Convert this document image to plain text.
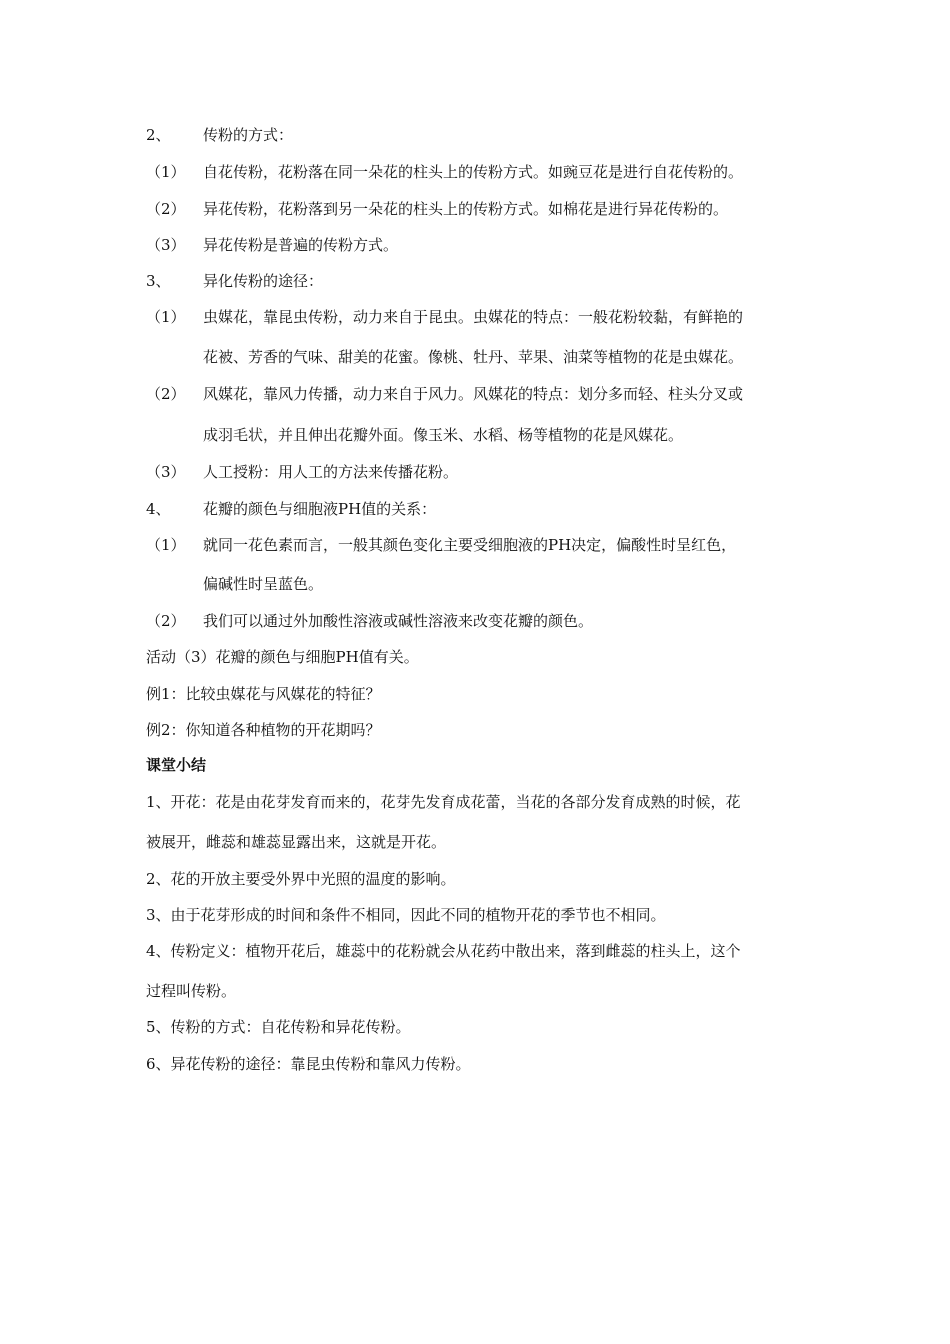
2、 传粉的方式：
（1） 自花传粉，花粉落在同一朵花的柱头上的传粉方式。如豌豆花是进行自花传粉的。
（2） 异花传粉，花粉落到另一朵花的柱头上的传粉方式。如棉花是进行异花传粉的。
（3） 异花传粉是普遍的传粉方式。
3、 异化传粉的途径：
（1） 虫媒花，靠昆虫传粉，动力来自于昆虫。虫媒花的特点：一般花粉较黏，有鲜艳的
花被、芳香的气味、甜美的花蜜。像桃、牡丹、苹果、油菜等植物的花是虫媒花。
（2） 风媒花，靠风力传播，动力来自于风力。风媒花的特点：划分多而轻、柱头分叉或
成羽毛状，并且伸出花瓣外面。像玉米、水稻、杨等植物的花是风媒花。
（3） 人工授粉：用人工的方法来传播花粉。
4、 花瓣的颜色与细胞液PH值的关系：
（1） 就同一花色素而言，一般其颜色变化主要受细胞液的PH决定，偏酸性时呈红色，
偏碱性时呈蓝色。
（2） 我们可以通过外加酸性溶液或碱性溶液来改变花瓣的颜色。
活动（3）花瓣的颜色与细胞PH值有关。
例1：比较虫媒花与风媒花的特征？
例2：你知道各种植物的开花期吗？
课堂小结
1、开花：花是由花芽发育而来的，花芽先发育成花蕾，当花的各部分发育成熟的时候，花
被展开，雌蕊和雄蕊显露出来，这就是开花。
2、花的开放主要受外界中光照的温度的影响。
3、由于花芽形成的时间和条件不相同，因此不同的植物开花的季节也不相同。
4、传粉定义：植物开花后，雄蕊中的花粉就会从花药中散出来，落到雌蕊的柱头上，这个
过程叫传粉。
5、传粉的方式：自花传粉和异花传粉。
6、异花传粉的途径：靠昆虫传粉和靠风力传粉。
